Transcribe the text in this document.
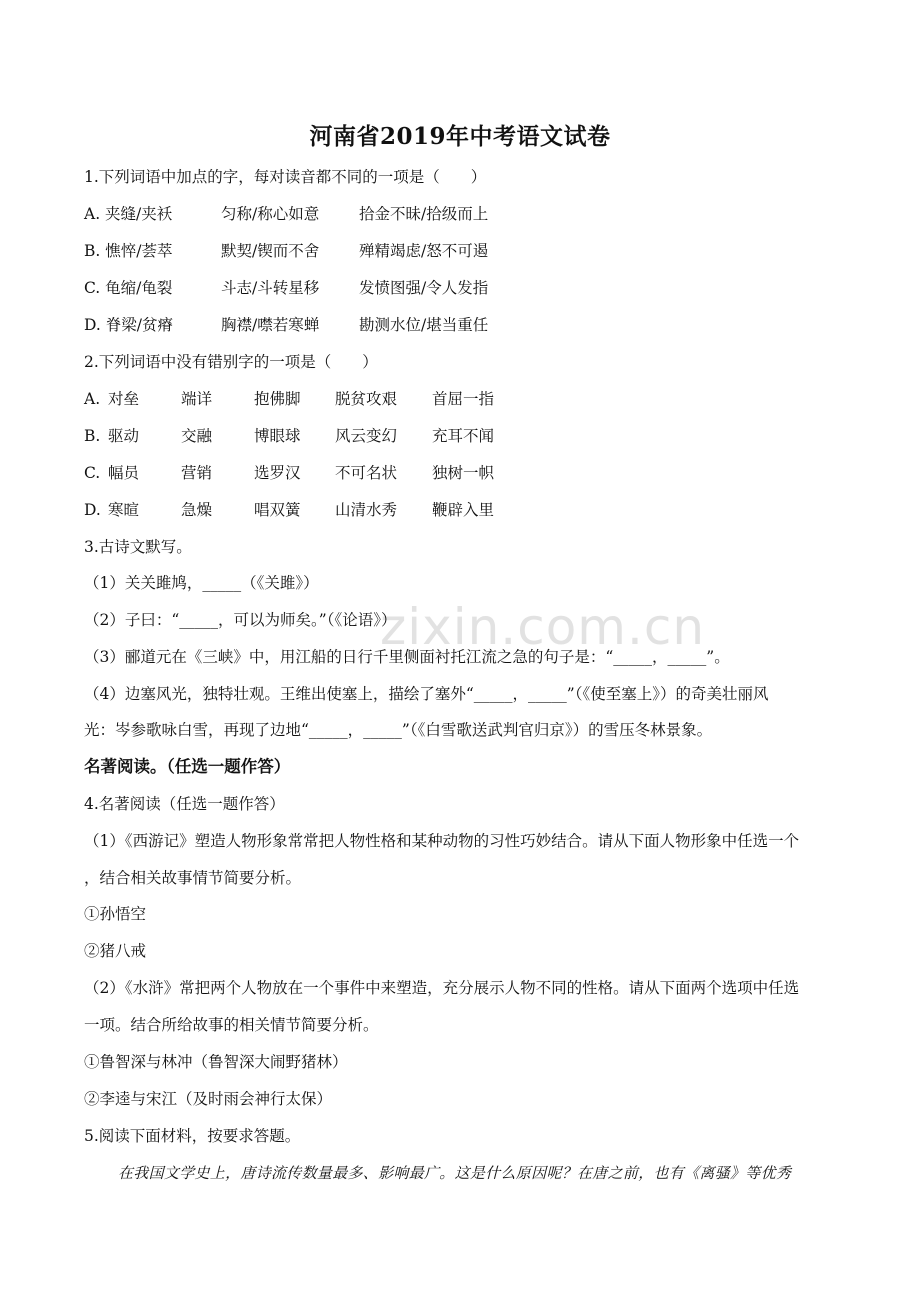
zixin.com.cn
河南省2019年中考语文试卷
1.下列词语中加点的字，每对读音都不同的一项是（　　）
A. 夹缝/夹袄	匀称/称心如意	拾金不昧/拾级而上
B. 憔悴/荟萃	默契/锲而不舍	殚精竭虑/怒不可遏
C. 龟缩/龟裂	斗志/斗转星移	发愤图强/令人发指
D. 脊梁/贫瘠	胸襟/噤若寒蝉	勘测水位/堪当重任
2.下列词语中没有错别字的一项是（　　）
A. 对垒	端详	抱佛脚 脱贫攻艰 首屈一指
B. 驱动	交融	博眼球 风云变幻 充耳不闻
C. 幅员	营销	选罗汉 不可名状 独树一帜
D. 寒暄	急燥	唱双簧 山清水秀 鞭辟入里
3.古诗文默写。
（1）关关雎鸠，_____（《关雎》）
（2）子曰：“_____，可以为师矣。”（《论语》）
（3）郦道元在《三峡》中，用江船的日行千里侧面衬托江流之急的句子是：“_____，_____”。
（4）边塞风光，独特壮观。王维出使塞上，描绘了塞外“_____，_____”（《使至塞上》）的奇美壮丽风
光：岑参歌咏白雪，再现了边地“_____，_____”（《白雪歌送武判官归京》）的雪压冬林景象。
名著阅读。（任选一题作答）
4.名著阅读（任选一题作答）
（1）《西游记》塑造人物形象常常把人物性格和某种动物的习性巧妙结合。请从下面人物形象中任选一个
，结合相关故事情节简要分析。
①孙悟空
②猪八戒
（2）《水浒》常把两个人物放在一个事件中来塑造，充分展示人物不同的性格。请从下面两个选项中任选
一项。结合所给故事的相关情节简要分析。
①鲁智深与林冲（鲁智深大闹野猪林）
②李逵与宋江（及时雨会神行太保）
5.阅读下面材料，按要求答题。
在我国文学史上，唐诗流传数量最多、影响最广。这是什么原因呢？在唐之前，也有《离骚》等优秀
